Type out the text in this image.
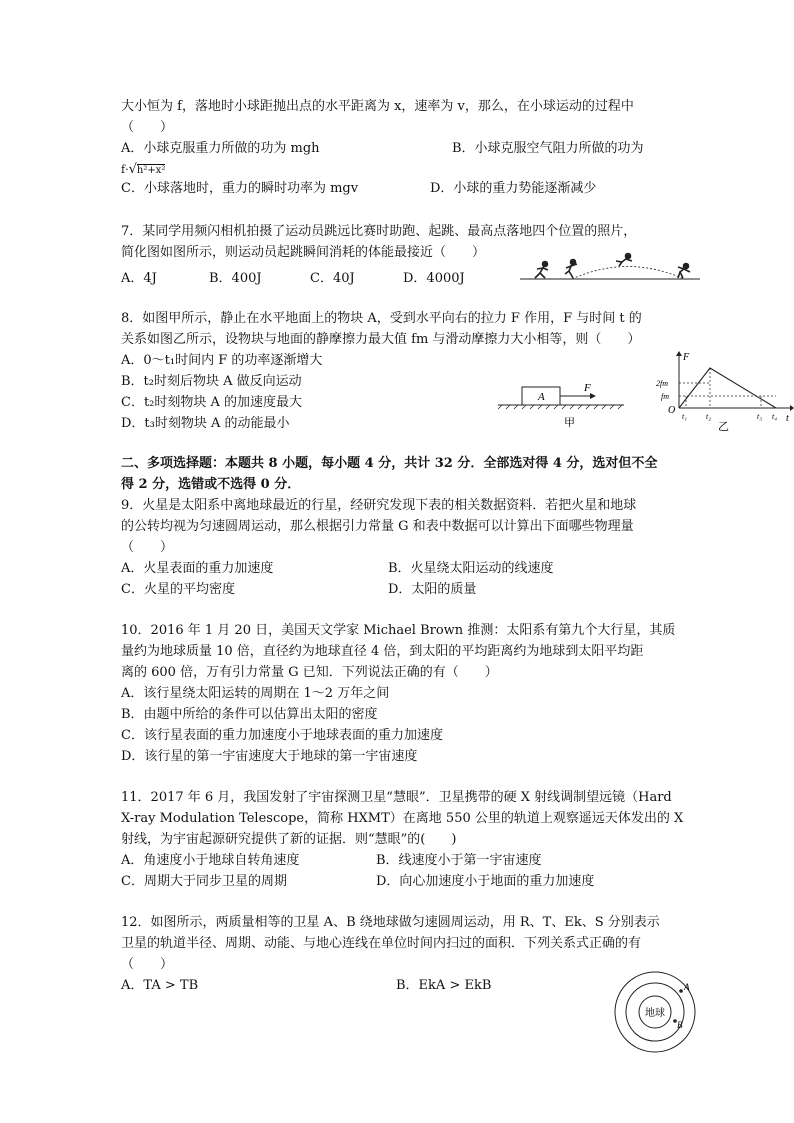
大小恒为 f，落地时小球距抛出点的水平距离为 x，速率为 v，那么，在小球运动的过程中
（　　）
A．小球克服重力所做的功为 mgh	B．小球克服空气阻力所做的功为
f·√h²+x²
C．小球落地时，重力的瞬时功率为 mgv	D．小球的重力势能逐渐减少
7．某同学用频闪相机拍摄了运动员跳远比赛时助跑、起跳、最高点落地四个位置的照片，
简化图如图所示，则运动员起跳瞬间消耗的体能最接近（　　）
A．4J	B．400J	C．40J	D．4000J
8．如图甲所示，静止在水平地面上的物块 A，受到水平向右的拉力 F 作用，F 与时间 t 的
关系如图乙所示，设物块与地面的静摩擦力最大值 fm 与滑动摩擦力大小相等，则（　　）
A．0～t₁时间内 F 的功率逐渐增大
B．t₂时刻后物块 A 做反向运动
C．t₂时刻物块 A 的加速度最大
D．t₃时刻物块 A 的动能最小
A
F
甲
F
t
O
2fm
fm
t₁ t₂	t₃ t₄
乙
二、多项选择题：本题共 8 小题，每小题 4 分，共计 32 分．全部选对得 4 分，选对但不全
得 2 分，选错或不选得 0 分．
9．火星是太阳系中离地球最近的行星，经研究发现下表的相关数据资料．若把火星和地球
的公转均视为匀速圆周运动，那么根据引力常量 G 和表中数据可以计算出下面哪些物理量
（　　）
A．火星表面的重力加速度	B．火星绕太阳运动的线速度
C．火星的平均密度	D．太阳的质量
10．2016 年 1 月 20 日，美国天文学家 Michael Brown 推测：太阳系有第九个大行星，其质
量约为地球质量 10 倍，直径约为地球直径 4 倍，到太阳的平均距离约为地球到太阳平均距
离的 600 倍，万有引力常量 G 已知．下列说法正确的有（　　）
A．该行星绕太阳运转的周期在 1～2 万年之间
B．由题中所给的条件可以估算出太阳的密度
C．该行星表面的重力加速度小于地球表面的重力加速度
D．该行星的第一宇宙速度大于地球的第一宇宙速度
11．2017 年 6 月，我国发射了宇宙探测卫星“慧眼”．卫星携带的硬 X 射线调制望远镜（Hard
X-ray Modulation Telescope，简称 HXMT）在离地 550 公里的轨道上观察遥远天体发出的 X
射线，为宇宙起源研究提供了新的证据．则“慧眼”的(　　)
A．角速度小于地球自转角速度	B．线速度小于第一宇宙速度
C．周期大于同步卫星的周期	D．向心加速度小于地面的重力加速度
12．如图所示，两质量相等的卫星 A、B 绕地球做匀速圆周运动，用 R、T、Ek、S 分别表示
卫星的轨道半径、周期、动能、与地心连线在单位时间内扫过的面积．下列关系式正确的有
（　　）
A．TA > TB	B．EkA > EkB
地球
A
B
